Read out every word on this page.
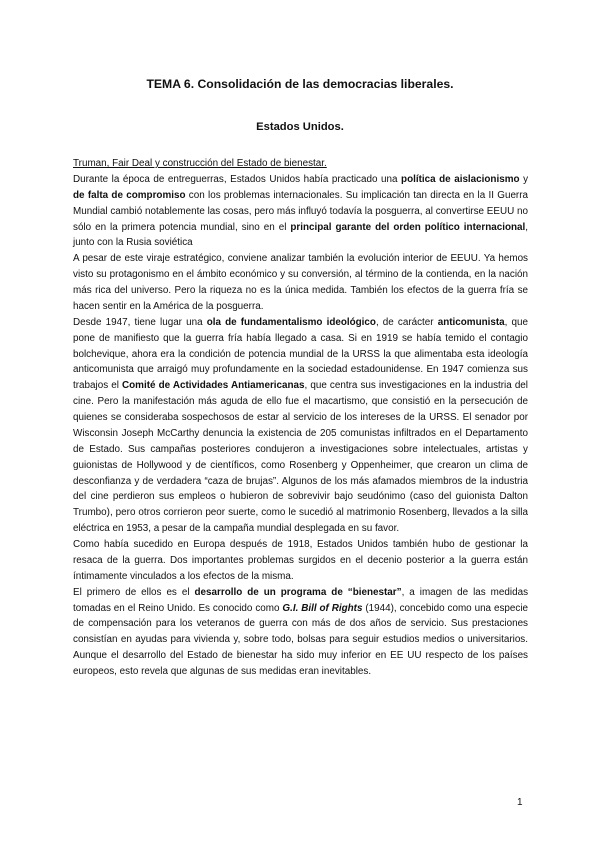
TEMA 6. Consolidación de las democracias liberales.
Estados Unidos.

Truman, Fair Deal y construcción del Estado de bienestar.

Durante la época de entreguerras, Estados Unidos había practicado una política de aislacionismo y de falta de compromiso con los problemas internacionales. Su implicación tan directa en la II Guerra Mundial cambió notablemente las cosas, pero más influyó todavía la posguerra, al convertirse EEUU no sólo en la primera potencia mundial, sino en el principal garante del orden político internacional, junto con la Rusia soviética

A pesar de este viraje estratégico, conviene analizar también la evolución interior de EEUU. Ya hemos visto su protagonismo en el ámbito económico y su conversión, al término de la contienda, en la nación más rica del universo. Pero la riqueza no es la única medida. También los efectos de la guerra fría se hacen sentir en la América de la posguerra.

Desde 1947, tiene lugar una ola de fundamentalismo ideológico, de carácter anticomunista, que pone de manifiesto que la guerra fría había llegado a casa. Si en 1919 se había temido el contagio bolchevique, ahora era la condición de potencia mundial de la URSS la que alimentaba esta ideología anticomunista que arraigó muy profundamente en la sociedad estadounidense. En 1947 comienza sus trabajos el Comité de Actividades Antiamericanas, que centra sus investigaciones en la industria del cine. Pero la manifestación más aguda de ello fue el macartismo, que consistió en la persecución de quienes se consideraba sospechosos de estar al servicio de los intereses de la URSS. El senador por Wisconsin Joseph McCarthy denuncia la existencia de 205 comunistas infiltrados en el Departamento de Estado. Sus campañas posteriores condujeron a investigaciones sobre intelectuales, artistas y guionistas de Hollywood y de científicos, como Rosenberg y Oppenheimer, que crearon un clima de desconfianza y de verdadera “caza de brujas”. Algunos de los más afamados miembros de la industria del cine perdieron sus empleos o hubieron de sobrevivir bajo seudónimo (caso del guionista Dalton Trumbo), pero otros corrieron peor suerte, como le sucedió al matrimonio Rosenberg, llevados a la silla eléctrica en 1953, a pesar de la campaña mundial desplegada en su favor.

Como había sucedido en Europa después de 1918, Estados Unidos también hubo de gestionar la resaca de la guerra. Dos importantes problemas surgidos en el decenio posterior a la guerra están íntimamente vinculados a los efectos de la misma.

El primero de ellos es el desarrollo de un programa de “bienestar”, a imagen de las medidas tomadas en el Reino Unido. Es conocido como G.I. Bill of Rights (1944), concebido como una especie de compensación para los veteranos de guerra con más de dos años de servicio. Sus prestaciones consistían en ayudas para vivienda y, sobre todo, bolsas para seguir estudios medios o universitarios. Aunque el desarrollo del Estado de bienestar ha sido muy inferior en EE UU respecto de los países europeos, esto revela que algunas de sus medidas eran inevitables.

1
